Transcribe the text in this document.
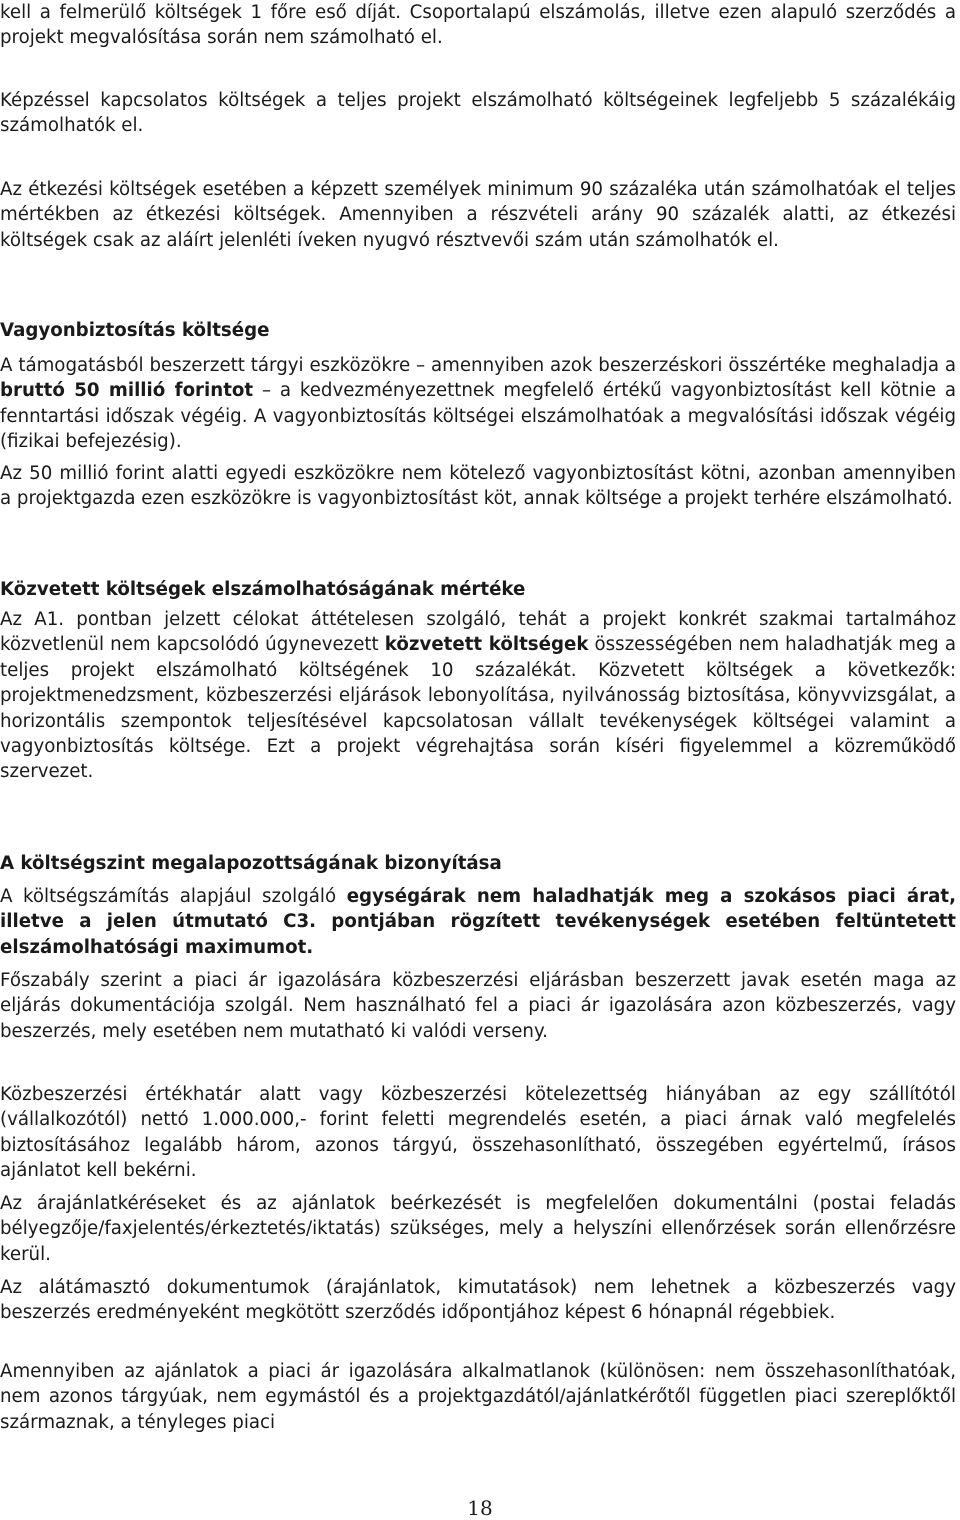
kell a felmerülő költségek 1 főre eső díját. Csoportalapú elszámolás, illetve ezen alapuló szerződés a projekt megvalósítása során nem számolható el.

Képzéssel kapcsolatos költségek a teljes projekt elszámolható költségeinek legfeljebb 5 százalékáig számolhatók el.

Az étkezési költségek esetében a képzett személyek minimum 90 százaléka után számolhatóak el teljes mértékben az étkezési költségek. Amennyiben a részvételi arány 90 százalék alatti, az étkezési költségek csak az aláírt jelenléti íveken nyugvó résztvevői szám után számolhatók el.

Vagyonbiztosítás költsége

A támogatásból beszerzett tárgyi eszközökre – amennyiben azok beszerzéskori összértéke meghaladja a bruttó 50 millió forintot – a kedvezményezettnek megfelelő értékű vagyonbiztosítást kell kötnie a fenntartási időszak végéig. A vagyonbiztosítás költségei elszámolhatóak a megvalósítási időszak végéig (fizikai befejezésig).

Az 50 millió forint alatti egyedi eszközökre nem kötelező vagyonbiztosítást kötni, azonban amennyiben a projektgazda ezen eszközökre is vagyonbiztosítást köt, annak költsége a projekt terhére elszámolható.

Közvetett költségek elszámolhatóságának mértéke

Az A1. pontban jelzett célokat áttételesen szolgáló, tehát a projekt konkrét szakmai tartalmához közvetlenül nem kapcsolódó úgynevezett közvetett költségek összességében nem haladhatják meg a teljes projekt elszámolható költségének 10 százalékát. Közvetett költségek a következők: projektmenedzsment, közbeszerzési eljárások lebonyolítása, nyilvánosság biztosítása, könyvvizsgálat, a horizontális szempontok teljesítésével kapcsolatosan vállalt tevékenységek költségei valamint a vagyonbiztosítás költsége. Ezt a projekt végrehajtása során kíséri figyelemmel a közreműködő szervezet.

A költségszint megalapozottságának bizonyítása

A költségszámítás alapjául szolgáló egységárak nem haladhatják meg a szokásos piaci árat, illetve a jelen útmutató C3. pontjában rögzített tevékenységek esetében feltüntetett elszámolhatósági maximumot.

Főszabály szerint a piaci ár igazolására közbeszerzési eljárásban beszerzett javak esetén maga az eljárás dokumentációja szolgál. Nem használható fel a piaci ár igazolására azon közbeszerzés, vagy beszerzés, mely esetében nem mutatható ki valódi verseny.

Közbeszerzési értékhatár alatt vagy közbeszerzési kötelezettség hiányában az egy szállítótól (vállalkozótól) nettó 1.000.000,- forint feletti megrendelés esetén, a piaci árnak való megfelelés biztosításához legalább három, azonos tárgyú, összehasonlítható, összegében egyértelmű, írásos ajánlatot kell bekérni.

Az árajánlatkéréseket és az ajánlatok beérkezését is megfelelően dokumentálni (postai feladás bélyegzője/faxjelentés/érkeztetés/iktatás) szükséges, mely a helyszíni ellenőrzések során ellenőrzésre kerül.

Az alátámasztó dokumentumok (árajánlatok, kimutatások) nem lehetnek a közbeszerzés vagy beszerzés eredményeként megkötött szerződés időpontjához képest 6 hónapnál régebbiek.

Amennyiben az ajánlatok a piaci ár igazolására alkalmatlanok (különösen: nem összehasonlíthatóak, nem azonos tárgyúak, nem egymástól és a projektgazdától/ajánlatkérőtől független piaci szereplőktől származnak, a tényleges piaci

18
